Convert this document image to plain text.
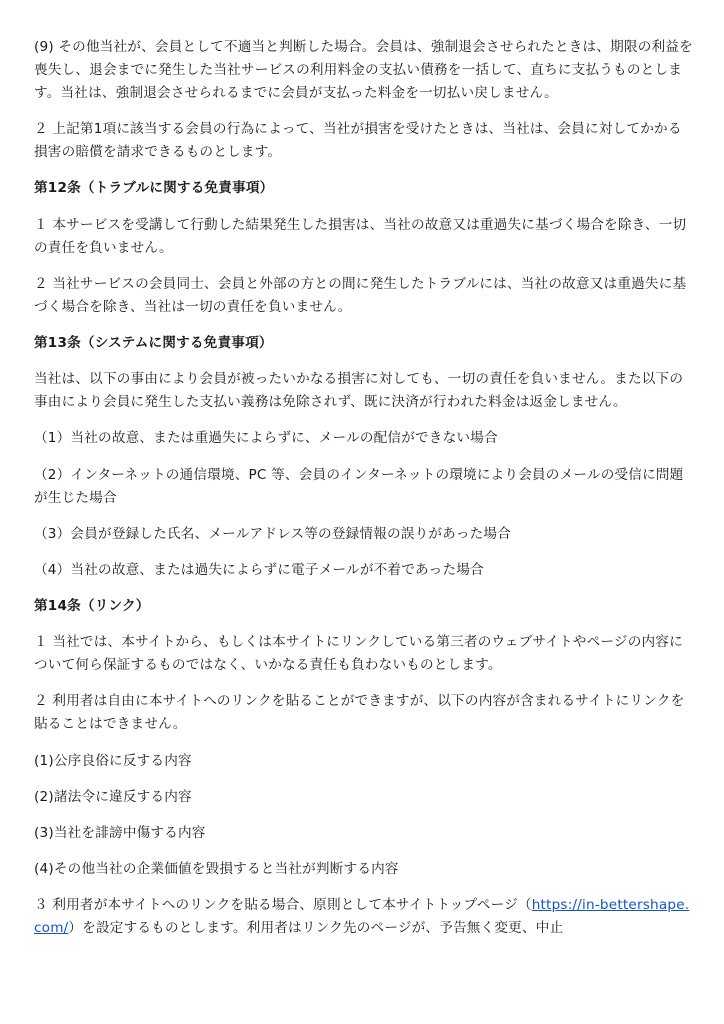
(9) その他当社が、会員として不適当と判断した場合。会員は、強制退会させられたときは、期限の利益を喪失し、退会までに発生した当社サービスの利用料金の支払い債務を一括して、直ちに支払うものとします。当社は、強制退会させられるまでに会員が支払った料金を一切払い戻しません。

２ 上記第1項に該当する会員の行為によって、当社が損害を受けたときは、当社は、会員に対してかかる損害の賠償を請求できるものとします。

第12条（トラブルに関する免責事項）

１ 本サービスを受講して行動した結果発生した損害は、当社の故意又は重過失に基づく場合を除き、一切の責任を負いません。

２ 当社サービスの会員同士、会員と外部の方との間に発生したトラブルには、当社の故意又は重過失に基づく場合を除き、当社は一切の責任を負いません。

第13条（システムに関する免責事項）

当社は、以下の事由により会員が被ったいかなる損害に対しても、一切の責任を負いません。また以下の事由により会員に発生した支払い義務は免除されず、既に決済が行われた料金は返金しません。

（1）当社の故意、または重過失によらずに、メールの配信ができない場合

（2）インターネットの通信環境、PC 等、会員のインターネットの環境により会員のメールの受信に問題が生じた場合

（3）会員が登録した氏名、メールアドレス等の登録情報の誤りがあった場合

（4）当社の故意、または過失によらずに電子メールが不着であった場合

第14条（リンク）

１ 当社では、本サイトから、もしくは本サイトにリンクしている第三者のウェブサイトやページの内容について何ら保証するものではなく、いかなる責任も負わないものとします。

２ 利用者は自由に本サイトへのリンクを貼ることができますが、以下の内容が含まれるサイトにリンクを貼ることはできません。

(1)公序良俗に反する内容

(2)諸法令に違反する内容

(3)当社を誹謗中傷する内容

(4)その他当社の企業価値を毀損すると当社が判断する内容

３ 利用者が本サイトへのリンクを貼る場合、原則として本サイトトップページ（https://in-bettershape.com/）を設定するものとします。利用者はリンク先のページが、予告無く変更、中止
